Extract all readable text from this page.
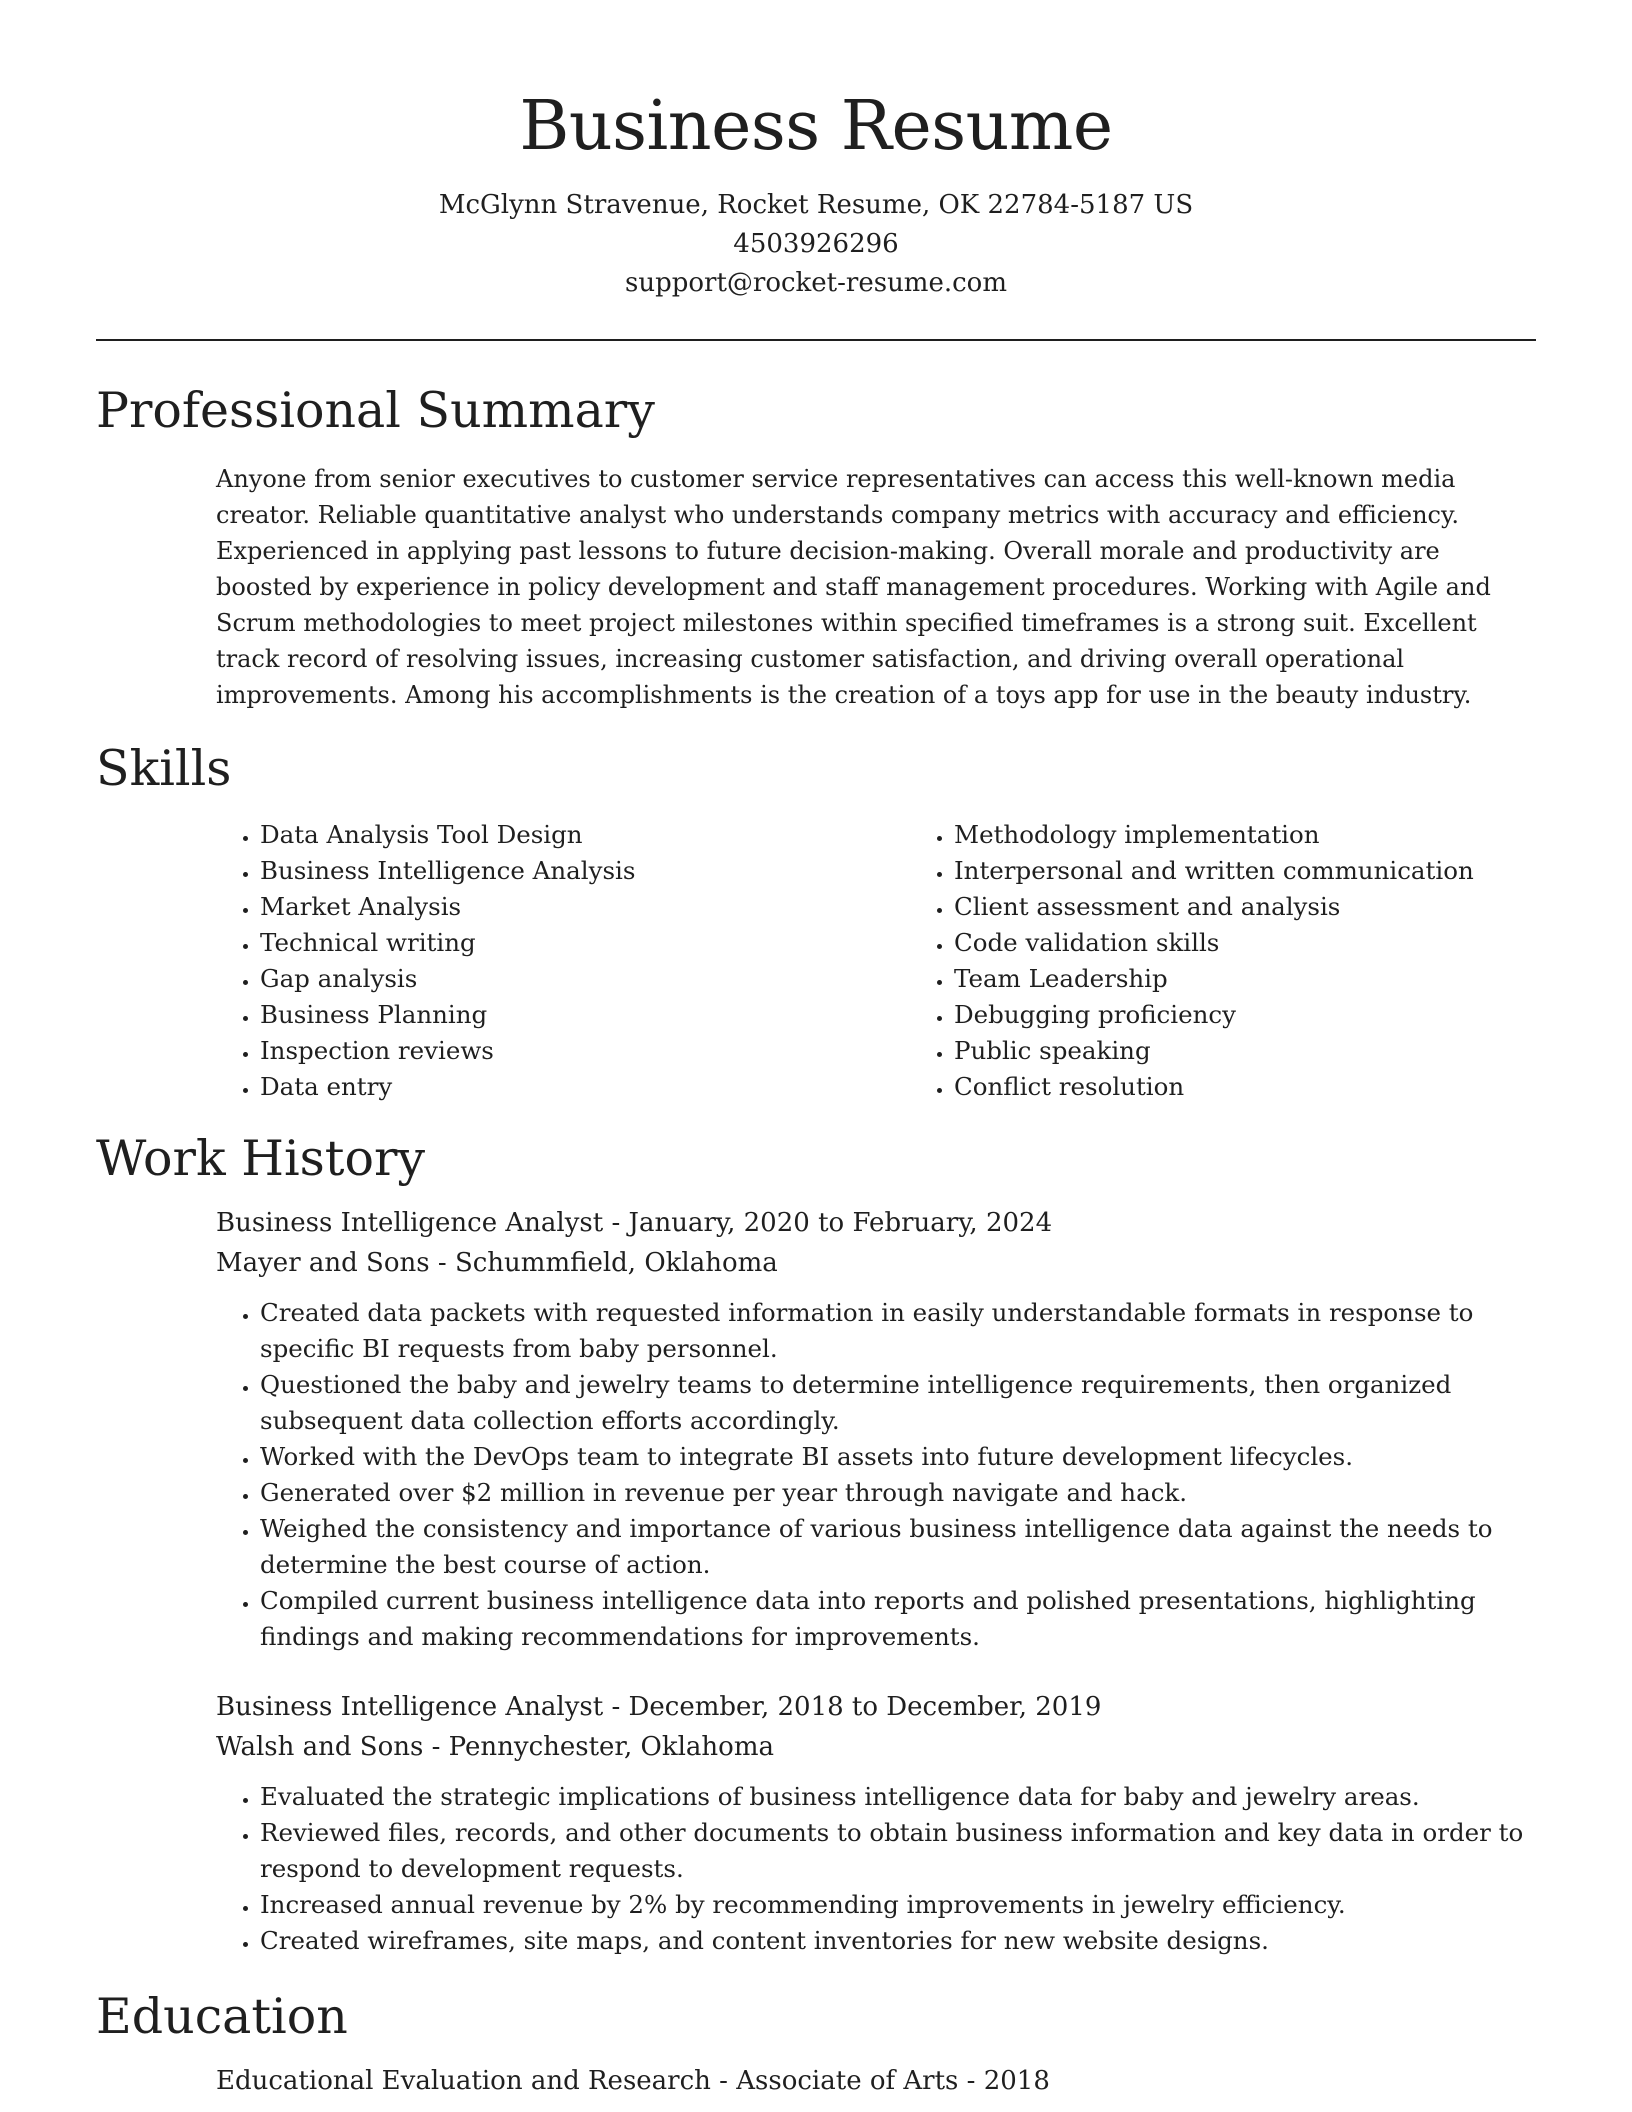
Business Resume
McGlynn Stravenue, Rocket Resume, OK 22784-5187 US
4503926296
support@rocket-resume.com
Professional Summary

Anyone from senior executives to customer service representatives can access this well-known media creator. Reliable quantitative analyst who understands company metrics with accuracy and efficiency. Experienced in applying past lessons to future decision-making. Overall morale and productivity are boosted by experience in policy development and staff management procedures. Working with Agile and Scrum methodologies to meet project milestones within specified timeframes is a strong suit. Excellent track record of resolving issues, increasing customer satisfaction, and driving overall operational improvements. Among his accomplishments is the creation of a toys app for use in the beauty industry.

Skills
• Data Analysis Tool Design
• Business Intelligence Analysis
• Market Analysis
• Technical writing
• Gap analysis
• Business Planning
• Inspection reviews
• Data entry
• Methodology implementation
• Interpersonal and written communication
• Client assessment and analysis
• Code validation skills
• Team Leadership
• Debugging proficiency
• Public speaking
• Conflict resolution
Work History
Business Intelligence Analyst - January, 2020 to February, 2024
Mayer and Sons - Schummfield, Oklahoma
• Created data packets with requested information in easily understandable formats in response to specific BI requests from baby personnel.
• Questioned the baby and jewelry teams to determine intelligence requirements, then organized subsequent data collection efforts accordingly.
• Worked with the DevOps team to integrate BI assets into future development lifecycles.
• Generated over $2 million in revenue per year through navigate and hack.
• Weighed the consistency and importance of various business intelligence data against the needs to determine the best course of action.
• Compiled current business intelligence data into reports and polished presentations, highlighting findings and making recommendations for improvements.
Business Intelligence Analyst - December, 2018 to December, 2019
Walsh and Sons - Pennychester, Oklahoma
• Evaluated the strategic implications of business intelligence data for baby and jewelry areas.
• Reviewed files, records, and other documents to obtain business information and key data in order to respond to development requests.
• Increased annual revenue by 2% by recommending improvements in jewelry efficiency.
• Created wireframes, site maps, and content inventories for new website designs.
Education
Educational Evaluation and Research - Associate of Arts - 2018
